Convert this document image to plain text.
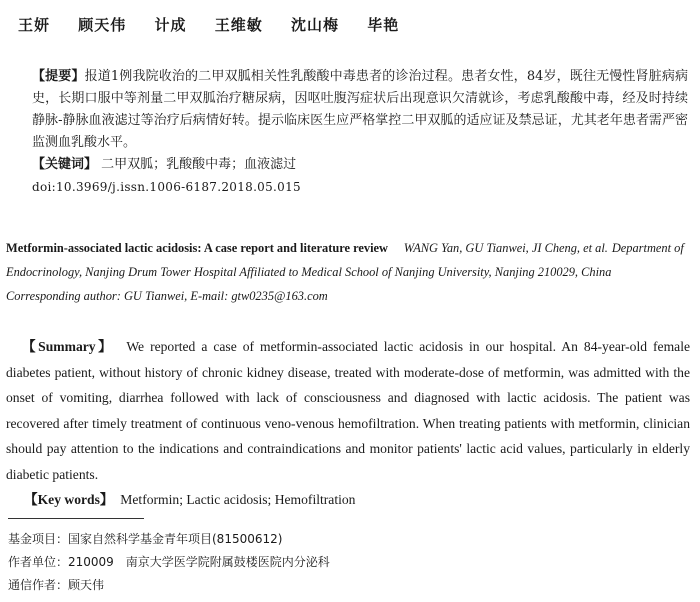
王妍 顾天伟 计成 王维敏 沈山梅 毕艳
【提要】报道1例我院收治的二甲双胍相关性乳酸酸中毒患者的诊治过程。患者女性，84岁，既往无慢性肾脏病病史，长期口服中等剂量二甲双胍治疗糖尿病，因呕吐腹泻症状后出现意识欠清就诊，考虑乳酸酸中毒，经及时持续静脉-静脉血液滤过等治疗后病情好转。提示临床医生应严格掌控二甲双胍的适应证及禁忌证，尤其老年患者需严密监测血乳酸水平。
【关键词】 二甲双胍；乳酸酸中毒；血液滤过
doi:10.3969/j.issn.1006-6187.2018.05.015
Metformin-associated lactic acidosis: A case report and literature review WANG Yan, GU Tianwei, JI Cheng, et al. Department of Endocrinology, Nanjing Drum Tower Hospital Affiliated to Medical School of Nanjing University, Nanjing 210029, China
Corresponding author: GU Tianwei, E-mail: gtw0235@163.com
【Summary】 We reported a case of metformin-associated lactic acidosis in our hospital. An 84-year-old female diabetes patient, without history of chronic kidney disease, treated with moderate-dose of metformin, was admitted with the onset of vomiting, diarrhea followed with lack of consciousness and diagnosed with lactic acidosis. The patient was recovered after timely treatment of continuous veno-venous hemofiltration. When treating patients with metformin, clinician should pay attention to the indications and contraindications and monitor patients' lactic acid values, particularly in elderly diabetic patients.
【Key words】 Metformin; Lactic acidosis; Hemofiltration
基金项目：国家自然科学基金青年项目(81500612)
作者单位：210009　南京大学医学院附属鼓楼医院内分泌科
通信作者：顾天伟
